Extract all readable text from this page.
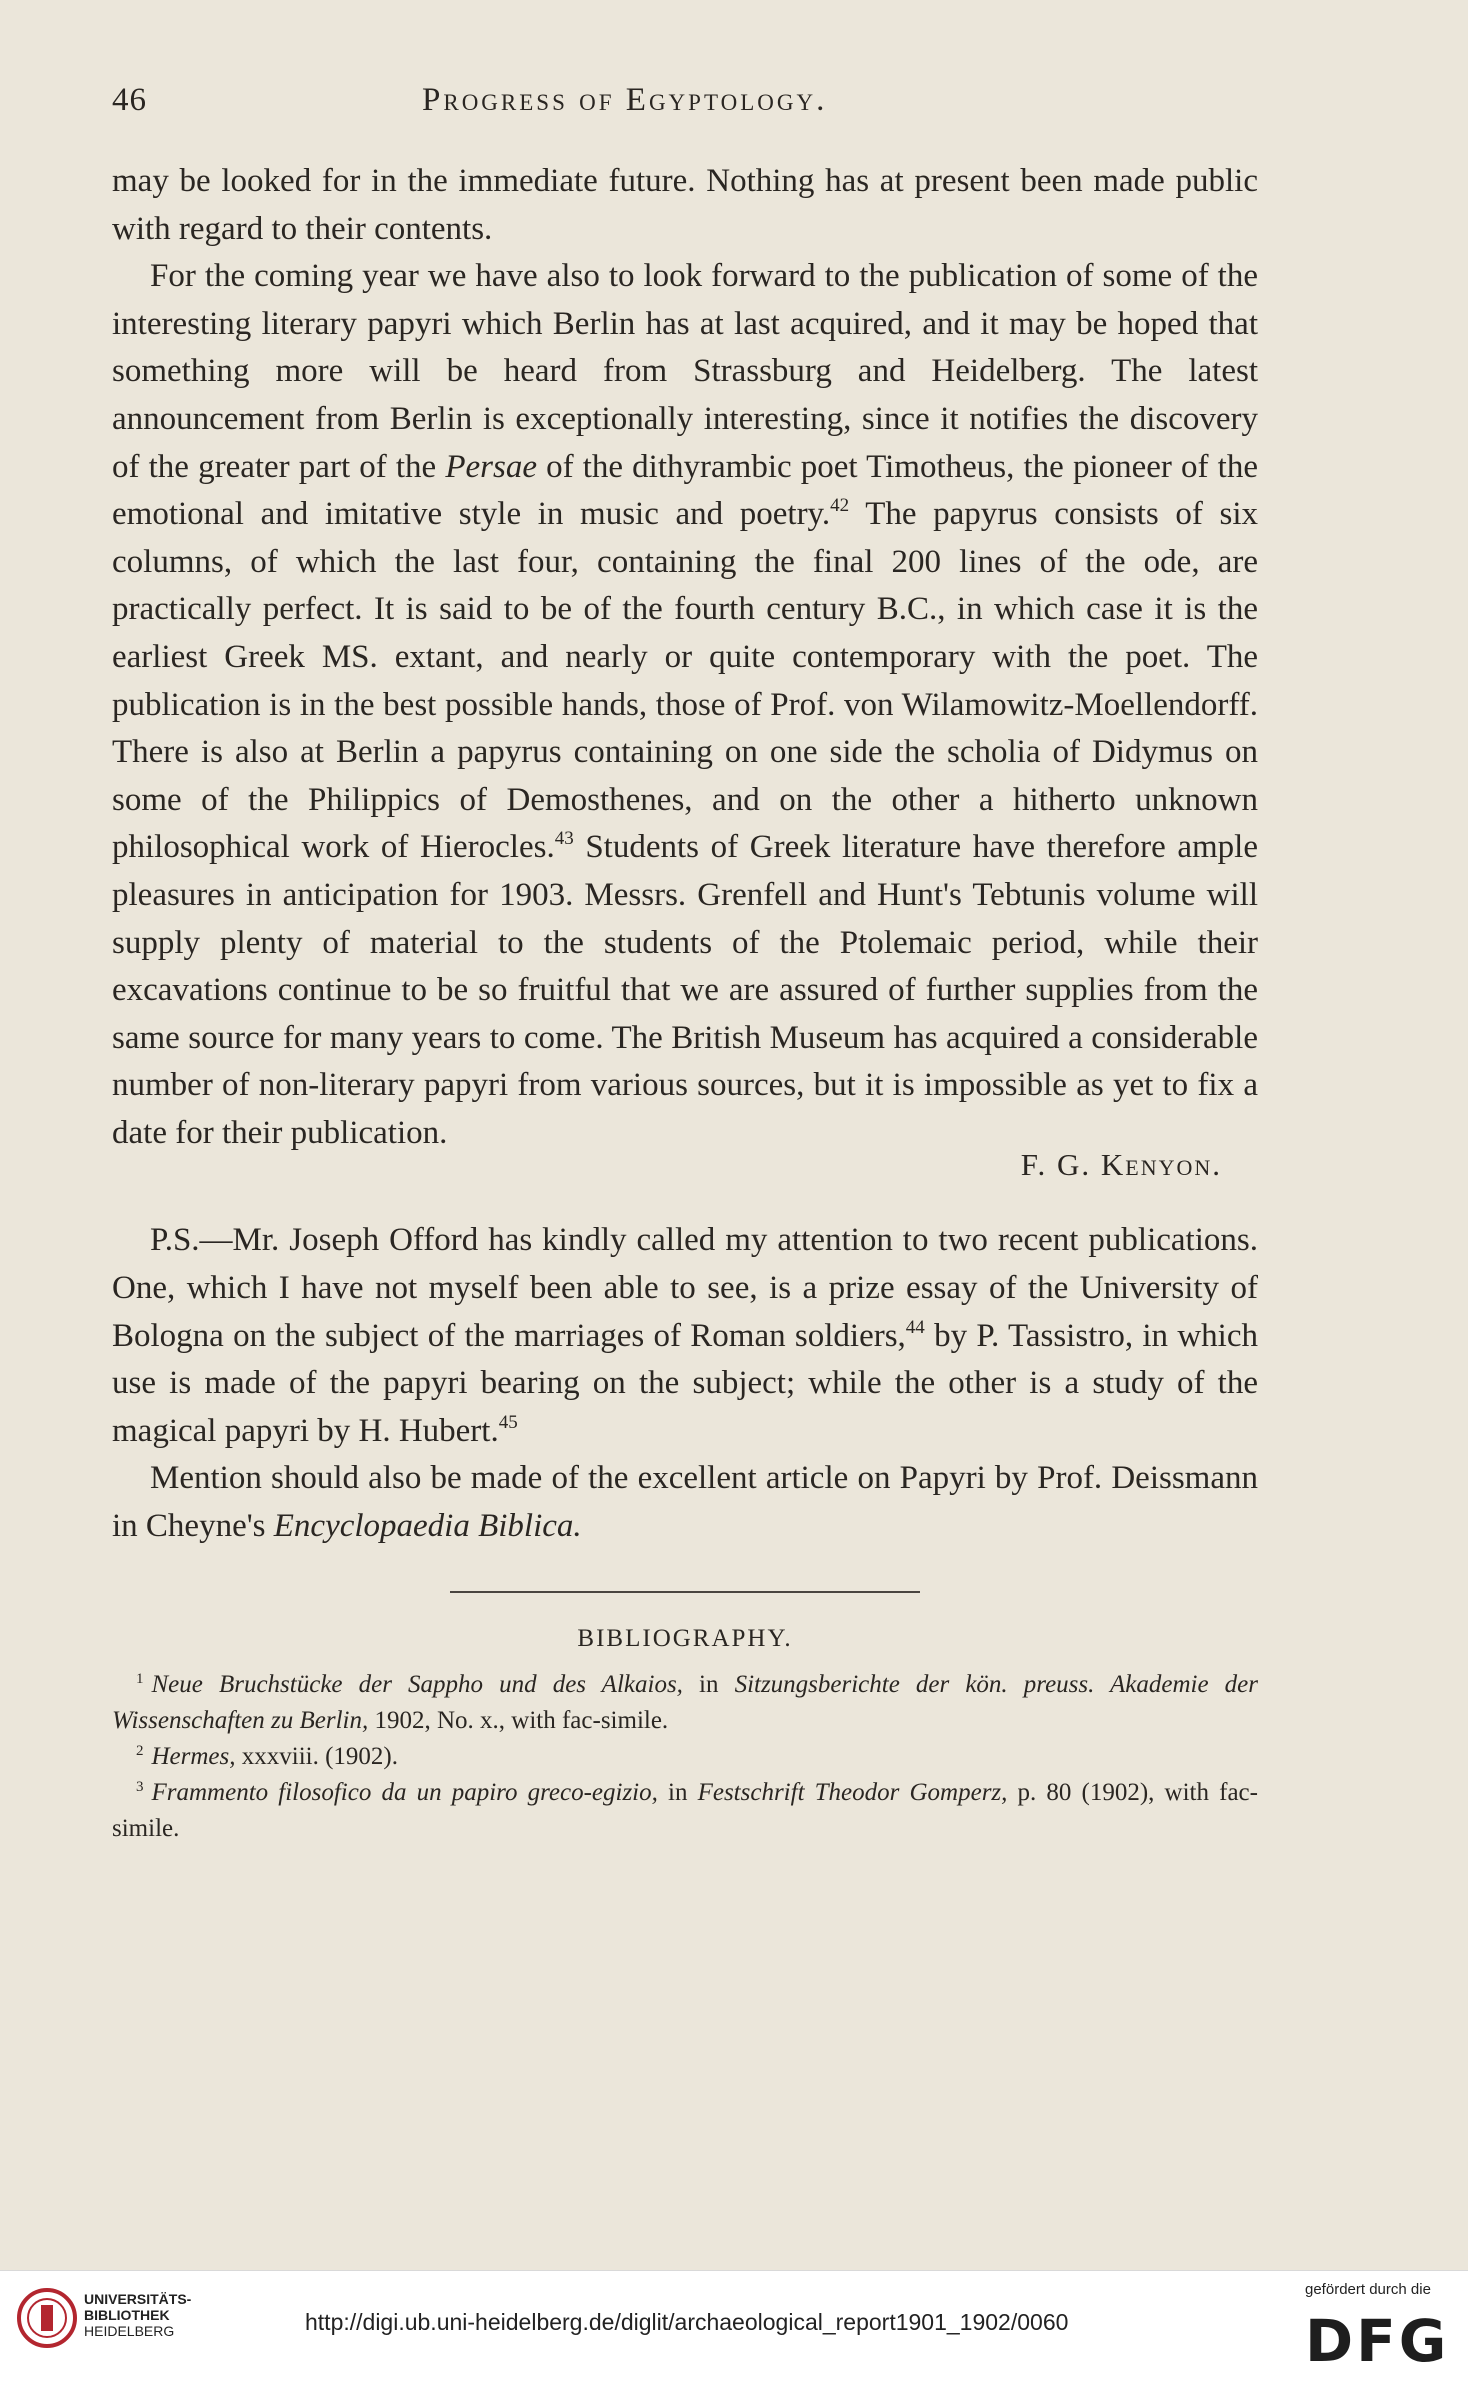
46	Progress of Egyptology.

may be looked for in the immediate future. Nothing has at present been made public with regard to their contents.

For the coming year we have also to look forward to the publication of some of the interesting literary papyri which Berlin has at last acquired, and it may be hoped that something more will be heard from Strassburg and Heidelberg. The latest announcement from Berlin is exceptionally interesting, since it notifies the discovery of the greater part of the Persae of the dithyrambic poet Timotheus, the pioneer of the emotional and imitative style in music and poetry.$^{42}$ The papyrus consists of six columns, of which the last four, containing the final 200 lines of the ode, are practically perfect. It is said to be of the fourth century B.C., in which case it is the earliest Greek MS. extant, and nearly or quite contemporary with the poet. The publication is in the best possible hands, those of Prof. von Wilamowitz-Moellendorff. There is also at Berlin a papyrus containing on one side the scholia of Didymus on some of the Philippics of Demosthenes, and on the other a hitherto unknown philosophical work of Hierocles.$^{43}$ Students of Greek literature have therefore ample pleasures in anticipation for 1903. Messrs. Grenfell and Hunt's Tebtunis volume will supply plenty of material to the students of the Ptolemaic period, while their excavations continue to be so fruitful that we are assured of further supplies from the same source for many years to come. The British Museum has acquired a considerable number of non-literary papyri from various sources, but it is impossible as yet to fix a date for their publication.

F. G. Kenyon.

P.S.—Mr. Joseph Offord has kindly called my attention to two recent publications. One, which I have not myself been able to see, is a prize essay of the University of Bologna on the subject of the marriages of Roman soldiers,$^{44}$ by P. Tassistro, in which use is made of the papyri bearing on the subject; while the other is a study of the magical papyri by H. Hubert.$^{45}$

Mention should also be made of the excellent article on Papyri by Prof. Deissmann in Cheyne's Encyclopaedia Biblica.

BIBLIOGRAPHY.

$^1$ Neue Bruchstücke der Sappho und des Alkaios, in Sitzungsberichte der kön. preuss. Akademie der Wissenschaften zu Berlin, 1902, No. x., with fac-simile.

$^2$ Hermes, xxxviii. (1902).

$^3$ Frammento filosofico da un papiro greco-egizio, in Festschrift Theodor Gomperz, p. 80 (1902), with fac-simile.

UNIVERSITÄTS-
BIBLIOTHEK
HEIDELBERG	http://digi.ub.uni-heidelberg.de/diglit/archaeological_report1901_1902/0060
gefördert durch die
DFG
